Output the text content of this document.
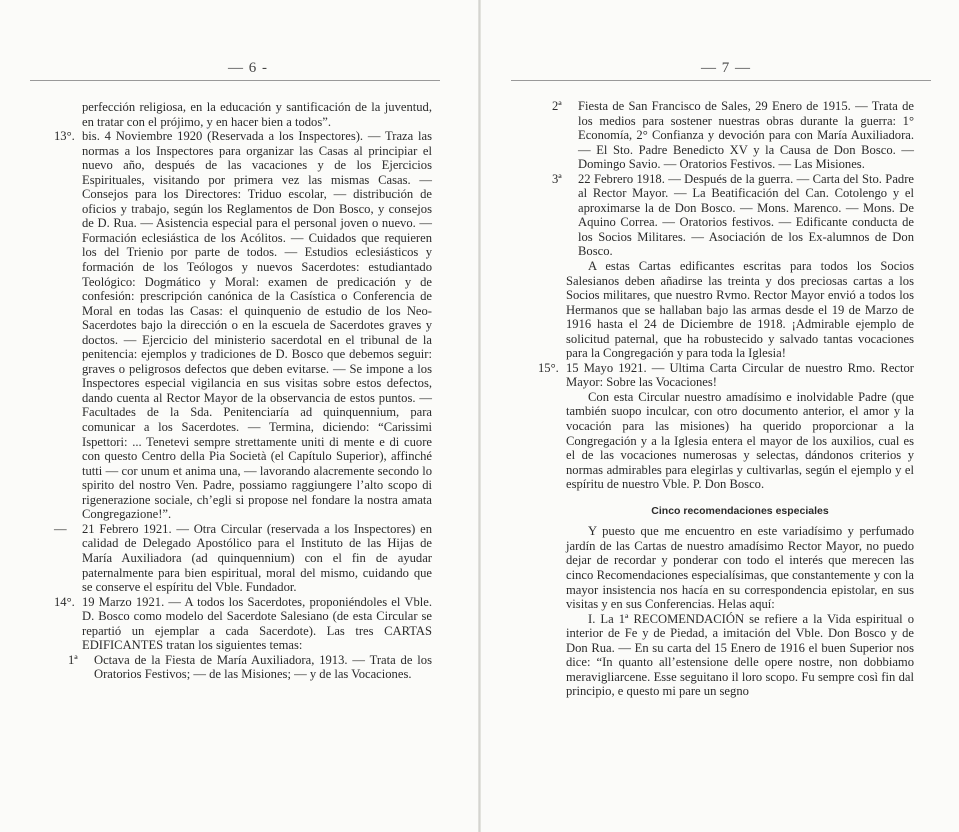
— 6 -

perfección religiosa, en la educación y santificación de la juventud, en tratar con el prójimo, y en hacer bien a todos”.

13°. bis. 4 Noviembre 1920 (Reservada a los Inspectores). — Traza las normas a los Inspectores para organizar las Casas al principiar el nuevo año, después de las vacaciones y de los Ejercicios Espirituales, visitando por primera vez las mismas Casas. — Consejos para los Directores: Triduo escolar, — distribución de oficios y trabajo, según los Reglamentos de Don Bosco, y consejos de D. Rua. — Asistencia especial para el personal joven o nuevo. — Formación eclesiástica de los Acólitos. — Cuidados que requieren los del Trienio por parte de todos. — Estudios eclesiásticos y formación de los Teólogos y nuevos Sacerdotes: estudiantado Teológico: Dogmático y Moral: examen de predicación y de confesión: prescripción canónica de la Casística o Conferencia de Moral en todas las Casas: el quinquenio de estudio de los Neo-Sacerdotes bajo la dirección o en la escuela de Sacerdotes graves y doctos. — Ejercicio del ministerio sacerdotal en el tribunal de la penitencia: ejemplos y tradiciones de D. Bosco que debemos seguir: graves o peligrosos defectos que deben evitarse. — Se impone a los Inspectores especial vigilancia en sus visitas sobre estos defectos, dando cuenta al Rector Mayor de la observancia de estos puntos. — Facultades de la Sda. Penitenciaría ad quinquennium, para comunicar a los Sacerdotes. — Termina, diciendo: “Carissimi Ispettori: ... Tenetevi sempre strettamente uniti di mente e di cuore con questo Centro della Pia Società (el Capítulo Superior), affinché tutti — cor unum et anima una, — lavorando alacremente secondo lo spirito del nostro Ven. Padre, possiamo raggiungere l’alto scopo di rigenerazione sociale, ch’egli si propose nel fondare la nostra amata Congregazione!”.

— 21 Febrero 1921. — Otra Circular (reservada a los Inspectores) en calidad de Delegado Apostólico para el Instituto de las Hijas de María Auxiliadora (ad quinquennium) con el fin de ayudar paternalmente para bien espiritual, moral del mismo, cuidando que se conserve el espíritu del Vble. Fundador.

14°. 19 Marzo 1921. — A todos los Sacerdotes, proponiéndoles el Vble. D. Bosco como modelo del Sacerdote Salesiano (de esta Circular se repartió un ejemplar a cada Sacerdote). Las tres CARTAS EDIFICANTES tratan los siguientes temas:

1ª Octava de la Fiesta de María Auxiliadora, 1913. — Trata de los Oratorios Festivos; — de las Misiones; — y de las Vocaciones.

— 7 —
2ª Fiesta de San Francisco de Sales, 29 Enero de 1915. — Trata de los medios para sostener nuestras obras durante la guerra: 1° Economía, 2° Confianza y devoción para con María Auxiliadora. — El Sto. Padre Benedicto XV y la Causa de Don Bosco. — Domingo Savio. — Oratorios Festivos. — Las Misiones.

3ª 22 Febrero 1918. — Después de la guerra. — Carta del Sto. Padre al Rector Mayor. — La Beatificación del Can. Cotolengo y el aproximarse la de Don Bosco. — Mons. Marenco. — Mons. De Aquino Correa. — Oratorios festivos. — Edificante conducta de los Socios Militares. — Asociación de los Ex-alumnos de Don Bosco.

A estas Cartas edificantes escritas para todos los Socios Salesianos deben añadirse las treinta y dos preciosas cartas a los Socios militares, que nuestro Rvmo. Rector Mayor envió a todos los Hermanos que se hallaban bajo las armas desde el 19 de Marzo de 1916 hasta el 24 de Diciembre de 1918. ¡Admirable ejemplo de solicitud paternal, que ha robustecido y salvado tantas vocaciones para la Congregación y para toda la Iglesia!

15°. 15 Mayo 1921. — Ultima Carta Circular de nuestro Rmo. Rector Mayor: Sobre las Vocaciones!

Con esta Circular nuestro amadísimo e inolvidable Padre (que también suopo inculcar, con otro documento anterior, el amor y la vocación para las misiones) ha querido proporcionar a la Congregación y a la Iglesia entera el mayor de los auxilios, cual es el de las vocaciones numerosas y selectas, dándonos criterios y normas admirables para elegirlas y cultivarlas, según el ejemplo y el espíritu de nuestro Vble. P. Don Bosco.

Cinco recomendaciones especiales

Y puesto que me encuentro en este variadísimo y perfumado jardín de las Cartas de nuestro amadísimo Rector Mayor, no puedo dejar de recordar y ponderar con todo el interés que merecen las cinco Recomendaciones especialísimas, que constantemente y con la mayor insistencia nos hacía en su correspondencia epistolar, en sus visitas y en sus Conferencias. Helas aquí:

I. La 1ª RECOMENDACIÓN se refiere a la Vida espiritual o interior de Fe y de Piedad, a imitación del Vble. Don Bosco y de Don Rua. — En su carta del 15 Enero de 1916 el buen Superior nos dice: “In quanto all’estensione delle opere nostre, non dobbiamo meravigliarcene. Esse seguitano il loro scopo. Fu sempre così fin dal principio, e questo mi pare un segno
